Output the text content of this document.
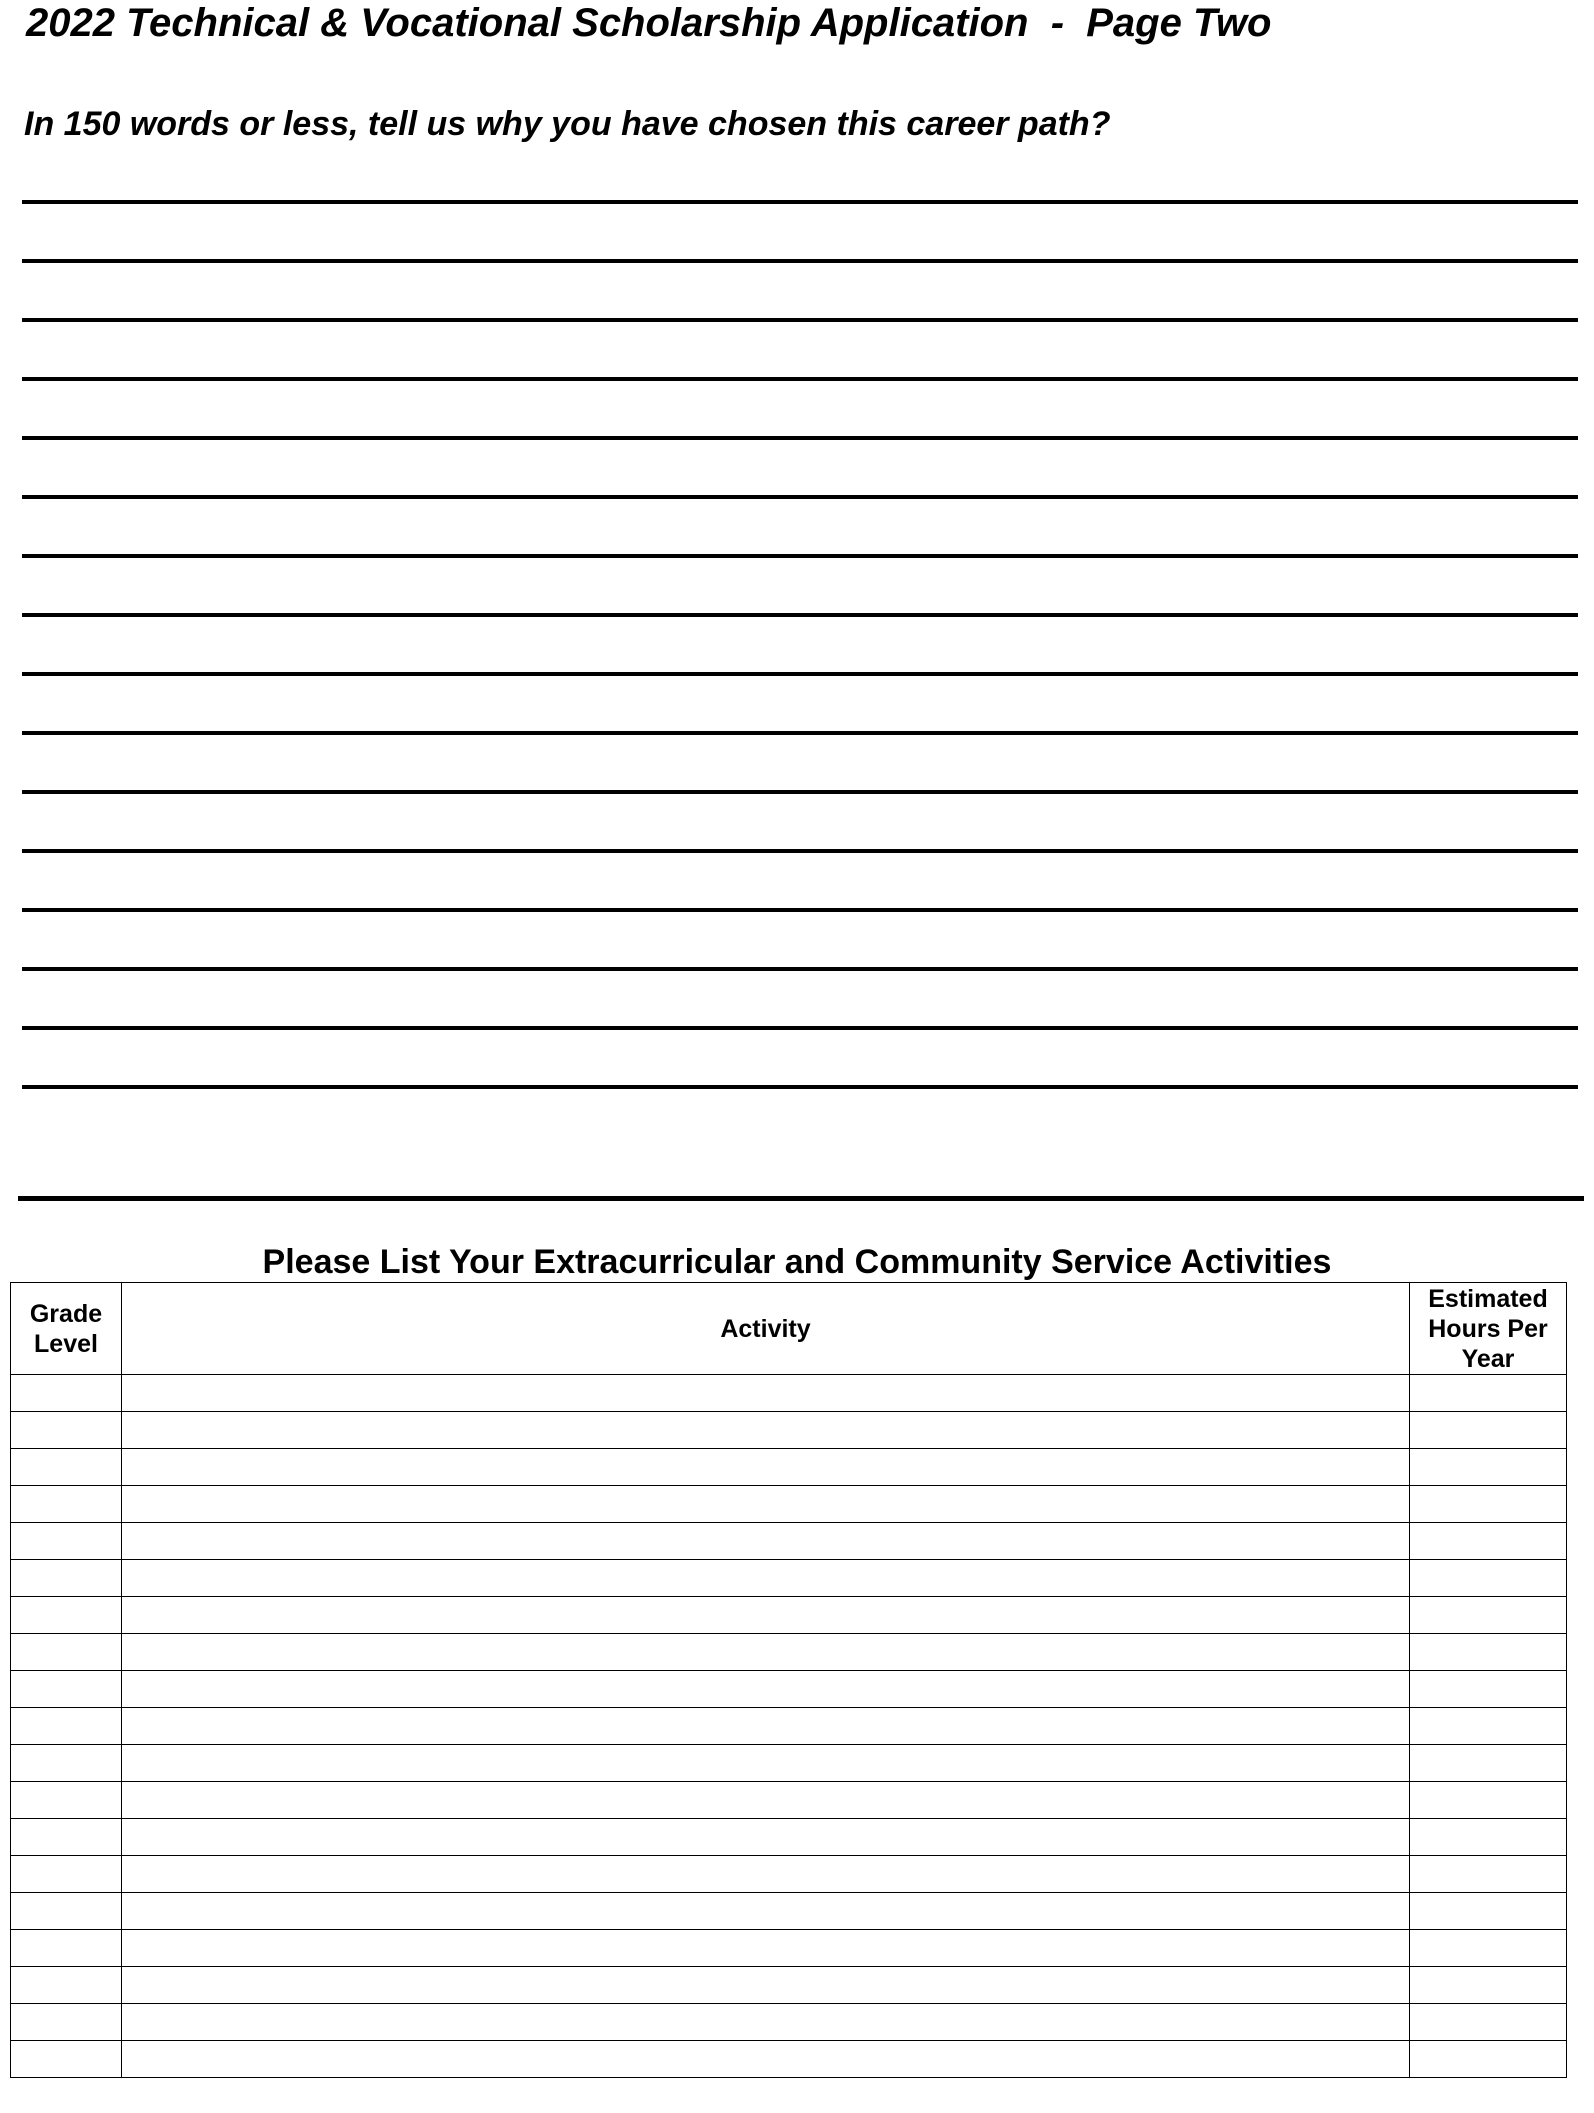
2022 Technical & Vocational Scholarship Application  -  Page Two
In 150 words or less, tell us why you have chosen this career path?
Please List Your Extracurricular and Community Service Activities
Grade Level	Activity	Estimated Hours Per Year
